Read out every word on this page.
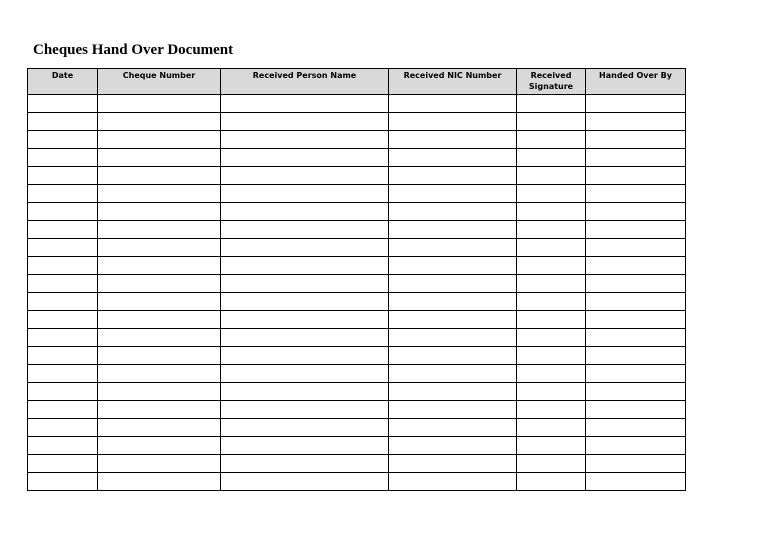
Cheques Hand Over Document
Date	Cheque Number	Received Person Name	Received NIC Number	Received Signature	Handed Over By
